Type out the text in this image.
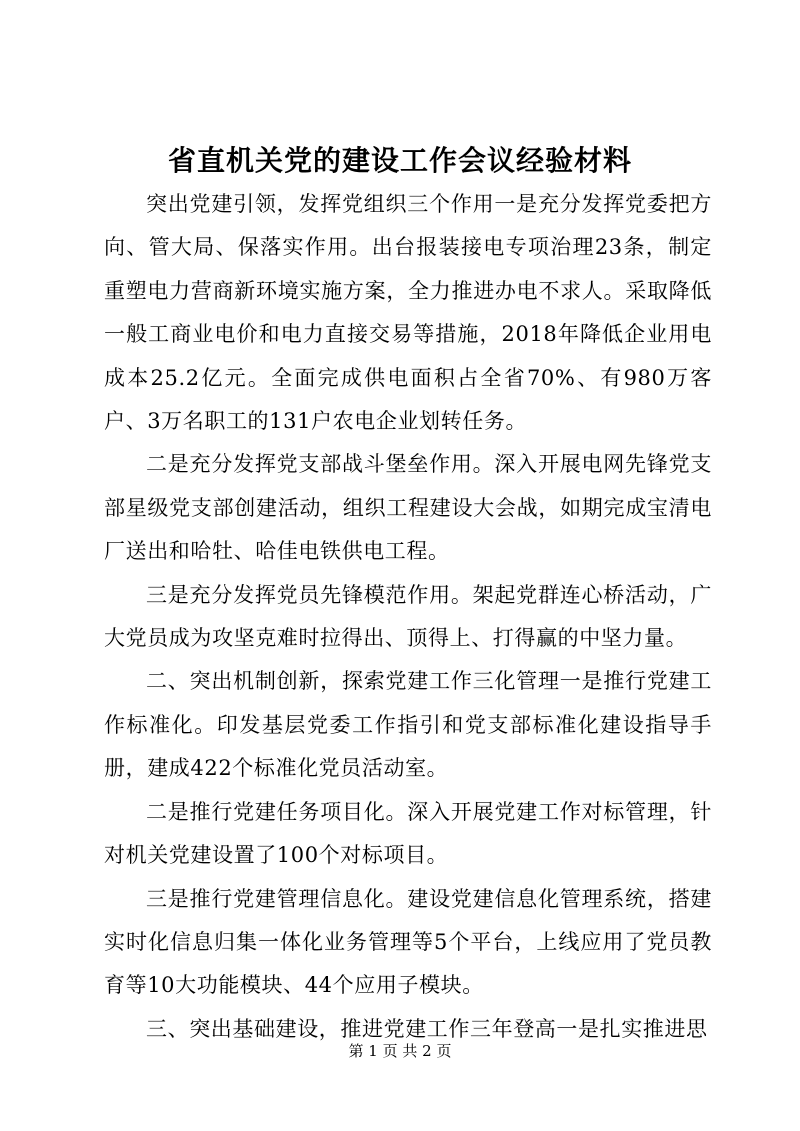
省直机关党的建设工作会议经验材料

突出党建引领，发挥党组织三个作用一是充分发挥党委把方向、管大局、保落实作用。出台报装接电专项治理23条，制定重塑电力营商新环境实施方案，全力推进办电不求人。采取降低一般工商业电价和电力直接交易等措施，2018年降低企业用电成本25.2亿元。全面完成供电面积占全省70%、有980万客户、3万名职工的131户农电企业划转任务。

二是充分发挥党支部战斗堡垒作用。深入开展电网先锋党支部星级党支部创建活动，组织工程建设大会战，如期完成宝清电厂送出和哈牡、哈佳电铁供电工程。

三是充分发挥党员先锋模范作用。架起党群连心桥活动，广大党员成为攻坚克难时拉得出、顶得上、打得赢的中坚力量。

二、突出机制创新，探索党建工作三化管理一是推行党建工作标准化。印发基层党委工作指引和党支部标准化建设指导手册，建成422个标准化党员活动室。

二是推行党建任务项目化。深入开展党建工作对标管理，针对机关党建设置了100个对标项目。

三是推行党建管理信息化。建设党建信息化管理系统，搭建实时化信息归集一体化业务管理等5个平台，上线应用了党员教育等10大功能模块、44个应用子模块。

三、突出基础建设，推进党建工作三年登高一是扎实推进思

第 1 页 共 2 页
